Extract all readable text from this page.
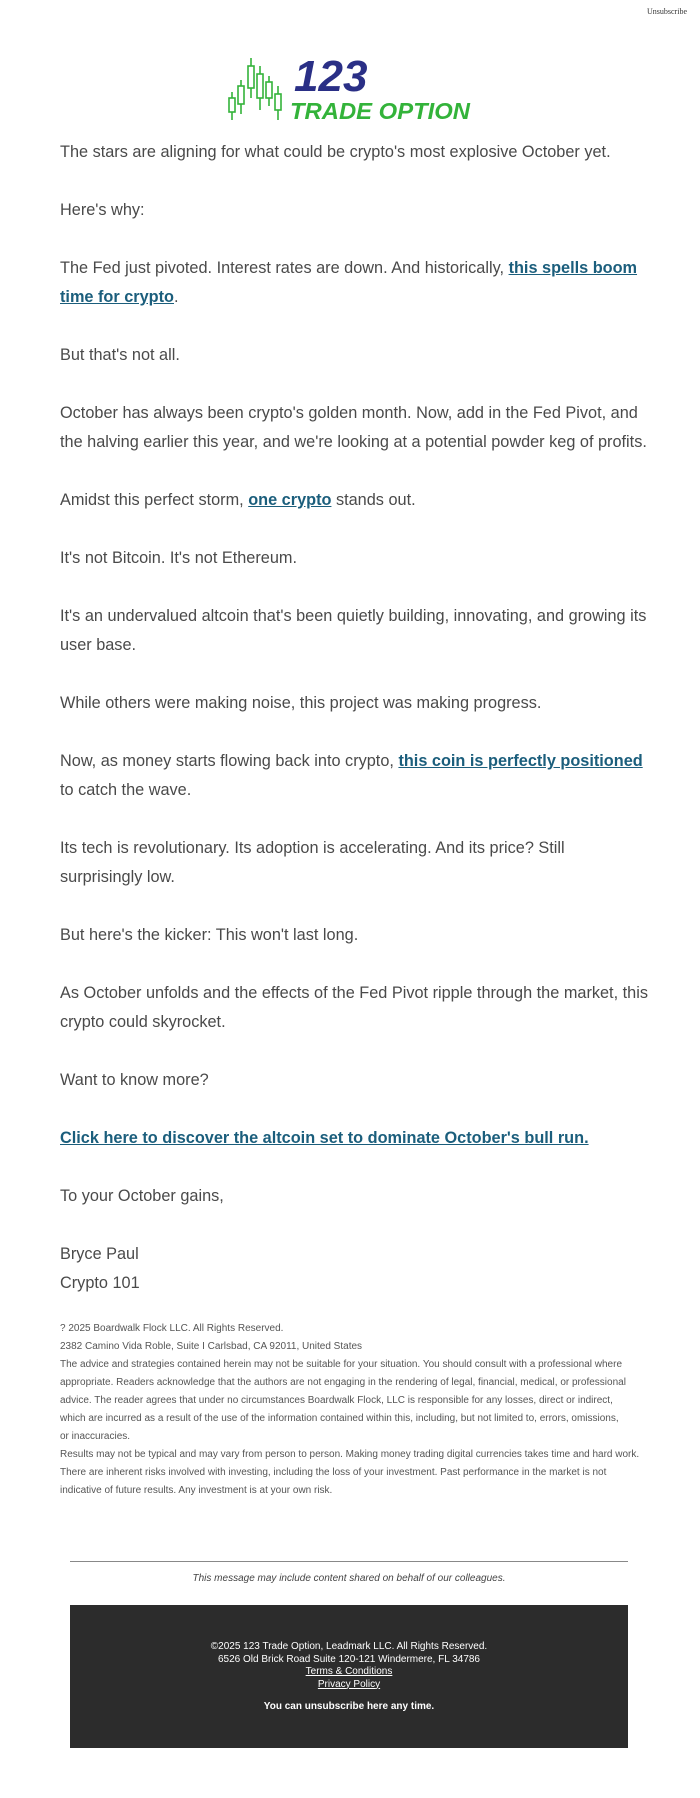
Unsubscribe
123
TRADE OPTION

The stars are aligning for what could be crypto's most explosive October yet.

Here's why:

The Fed just pivoted. Interest rates are down. And historically, this spells boom time for crypto.

But that's not all.

October has always been crypto's golden month. Now, add in the Fed Pivot, and the halving earlier this year, and we're looking at a potential powder keg of profits.

Amidst this perfect storm, one crypto stands out.

It's not Bitcoin. It's not Ethereum.

It's an undervalued altcoin that's been quietly building, innovating, and growing its user base.

While others were making noise, this project was making progress.

Now, as money starts flowing back into crypto, this coin is perfectly positioned to catch the wave.

Its tech is revolutionary. Its adoption is accelerating. And its price? Still surprisingly low.

But here's the kicker: This won't last long.

As October unfolds and the effects of the Fed Pivot ripple through the market, this crypto could skyrocket.

Want to know more?

Click here to discover the altcoin set to dominate October's bull run.

To your October gains,

Bryce Paul

Crypto 101

? 2025 Boardwalk Flock LLC. All Rights Reserved.
2382 Camino Vida Roble, Suite I Carlsbad, CA 92011, United States
The advice and strategies contained herein may not be suitable for your situation. You should consult with a professional where
appropriate. Readers acknowledge that the authors are not engaging in the rendering of legal, financial, medical, or professional
advice. The reader agrees that under no circumstances Boardwalk Flock, LLC is responsible for any losses, direct or indirect,
which are incurred as a result of the use of the information contained within this, including, but not limited to, errors, omissions,
or inaccuracies.
Results may not be typical and may vary from person to person. Making money trading digital currencies takes time and hard work.
There are inherent risks involved with investing, including the loss of your investment. Past performance in the market is not
indicative of future results. Any investment is at your own risk.
This message may include content shared on behalf of our colleagues.
©2025 123 Trade Option, Leadmark LLC. All Rights Reserved.
6526 Old Brick Road Suite 120-121 Windermere, FL 34786
Terms & Conditions
Privacy Policy
You can unsubscribe here any time.
